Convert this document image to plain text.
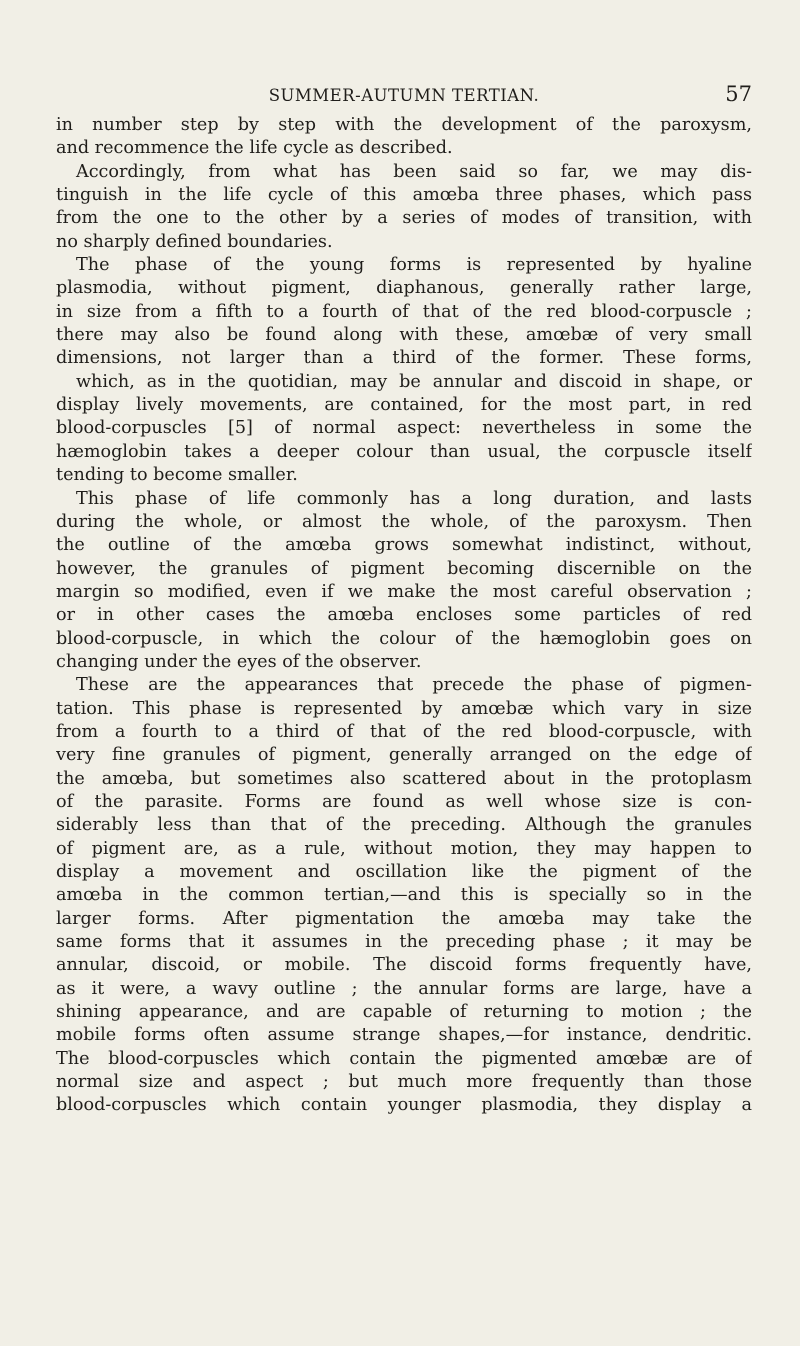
SUMMER-AUTUMN TERTIAN.	57
in number step by step with the development of the paroxysm,
and recommence the life cycle as described.
Accordingly, from what has been said so far, we may dis-
tinguish in the life cycle of this amœba three phases, which pass
from the one to the other by a series of modes of transition, with
no sharply defined boundaries.
The phase of the young forms is represented by hyaline
plasmodia, without pigment, diaphanous, generally rather large,
in size from a fifth to a fourth of that of the red blood-corpuscle ;
there may also be found along with these, amœbæ of very small
dimensions, not larger than a third of the former. These forms,
which, as in the quotidian, may be annular and discoid in shape, or
display lively movements, are contained, for the most part, in red
blood-corpuscles [5] of normal aspect: nevertheless in some the
hæmoglobin takes a deeper colour than usual, the corpuscle itself
tending to become smaller.
This phase of life commonly has a long duration, and lasts
during the whole, or almost the whole, of the paroxysm. Then
the outline of the amœba grows somewhat indistinct, without,
however, the granules of pigment becoming discernible on the
margin so modified, even if we make the most careful observation ;
or in other cases the amœba encloses some particles of red
blood-corpuscle, in which the colour of the hæmoglobin goes on
changing under the eyes of the observer.
These are the appearances that precede the phase of pigmen-
tation. This phase is represented by amœbæ which vary in size
from a fourth to a third of that of the red blood-corpuscle, with
very fine granules of pigment, generally arranged on the edge of
the amœba, but sometimes also scattered about in the protoplasm
of the parasite. Forms are found as well whose size is con-
siderably less than that of the preceding. Although the granules
of pigment are, as a rule, without motion, they may happen to
display a movement and oscillation like the pigment of the
amœba in the common tertian,—and this is specially so in the
larger forms. After pigmentation the amœba may take the
same forms that it assumes in the preceding phase ; it may be
annular, discoid, or mobile. The discoid forms frequently have,
as it were, a wavy outline ; the annular forms are large, have a
shining appearance, and are capable of returning to motion ; the
mobile forms often assume strange shapes,—for instance, dendritic.
The blood-corpuscles which contain the pigmented amœbæ are of
normal size and aspect ; but much more frequently than those
blood-corpuscles which contain younger plasmodia, they display a
